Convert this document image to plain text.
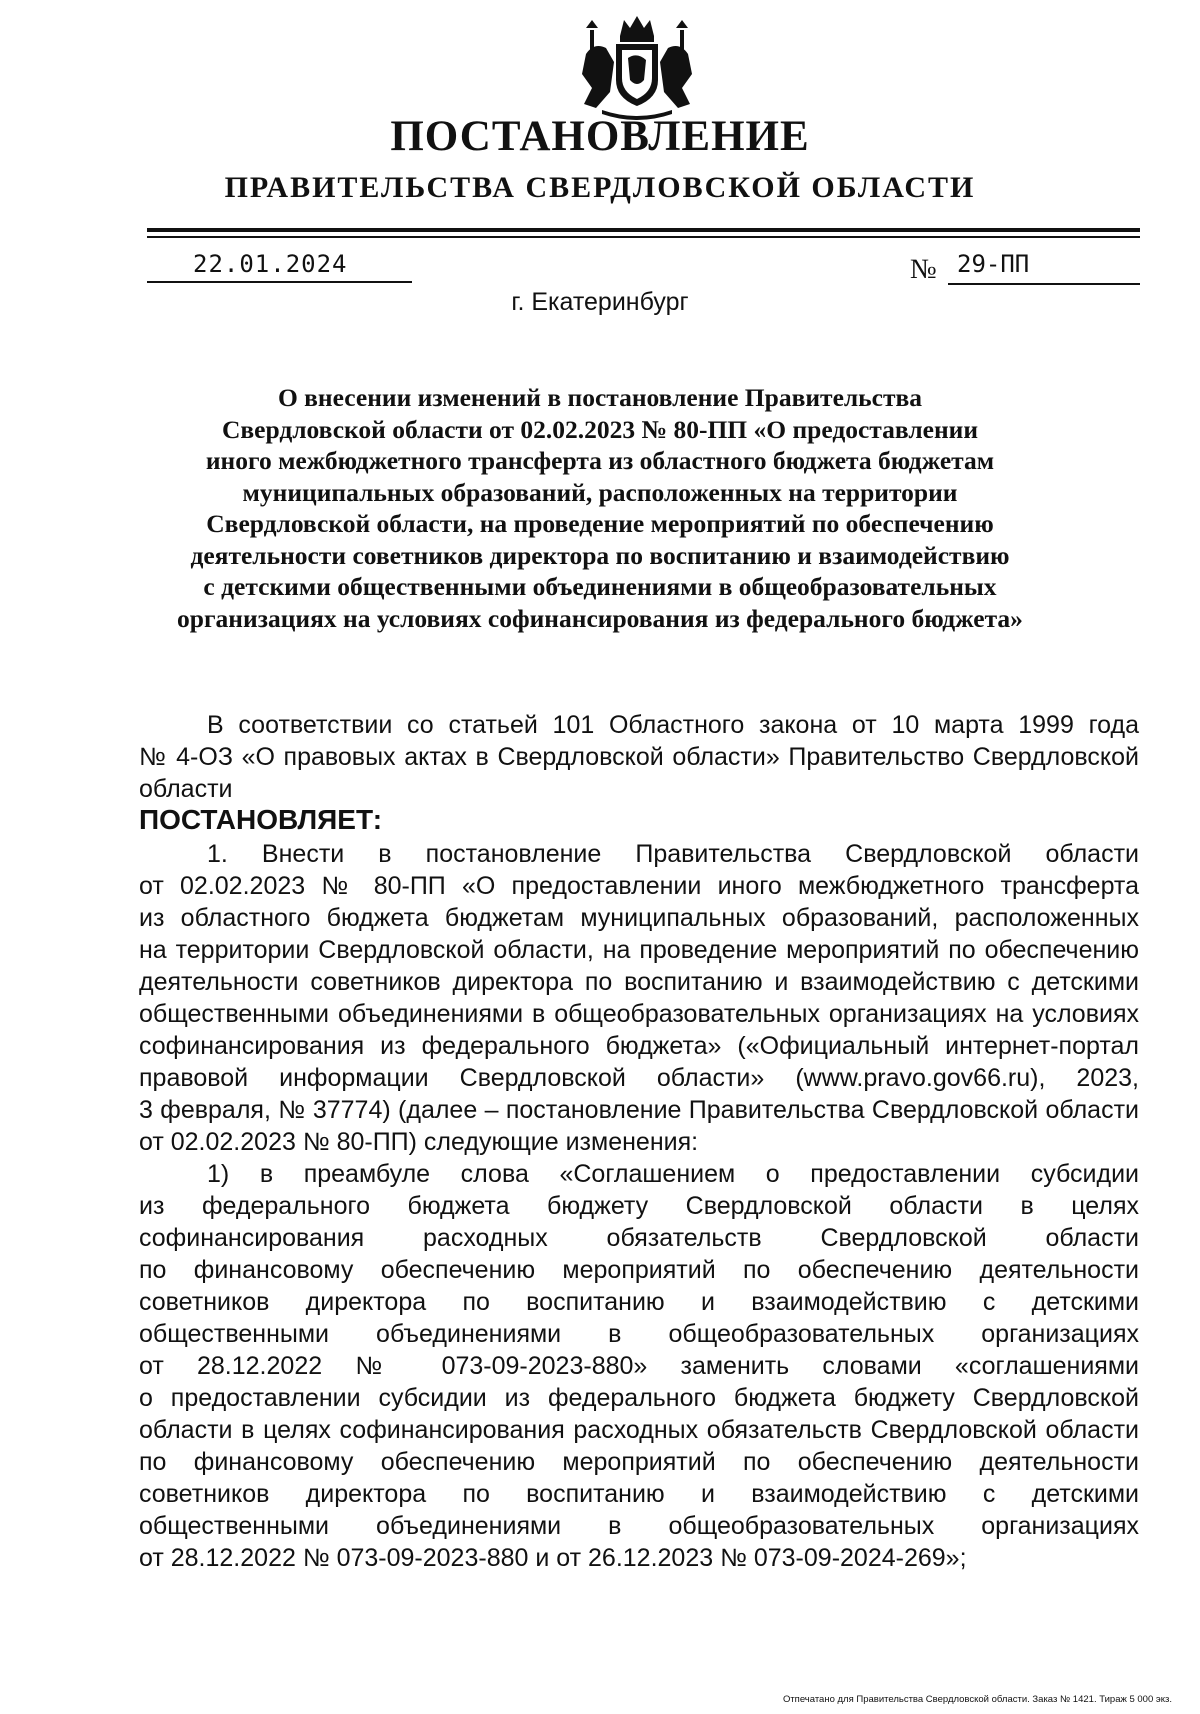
ПОСТАНОВЛЕНИЕ
ПРАВИТЕЛЬСТВА СВЕРДЛОВСКОЙ ОБЛАСТИ
22.01.2024	№ 29-ПП
г. Екатеринбург
О внесении изменений в постановление Правительства
Свердловской области от 02.02.2023 № 80-ПП «О предоставлении
иного межбюджетного трансферта из областного бюджета бюджетам
муниципальных образований, расположенных на территории
Свердловской области, на проведение мероприятий по обеспечению
деятельности советников директора по воспитанию и взаимодействию
с детскими общественными объединениями в общеобразовательных
организациях на условиях софинансирования из федерального бюджета»
В соответствии со статьей 101 Областного закона от 10 марта 1999 года
№ 4-ОЗ «О правовых актах в Свердловской области» Правительство Свердловской
области
ПОСТАНОВЛЯЕТ:
1. Внести в постановление Правительства Свердловской области
от 02.02.2023 № 80-ПП «О предоставлении иного межбюджетного трансферта
из областного бюджета бюджетам муниципальных образований, расположенных
на территории Свердловской области, на проведение мероприятий по обеспечению
деятельности советников директора по воспитанию и взаимодействию с детскими
общественными объединениями в общеобразовательных организациях на условиях
софинансирования из федерального бюджета» («Официальный интернет-портал
правовой информации Свердловской области» (www.pravo.gov66.ru), 2023,
3 февраля, № 37774) (далее – постановление Правительства Свердловской области
от 02.02.2023 № 80-ПП) следующие изменения:
1) в преамбуле слова «Соглашением о предоставлении субсидии
из федерального бюджета бюджету Свердловской области в целях
софинансирования расходных обязательств Свердловской области
по финансовому обеспечению мероприятий по обеспечению деятельности
советников директора по воспитанию и взаимодействию с детскими
общественными объединениями в общеобразовательных организациях
от 28.12.2022 № 073-09-2023-880» заменить словами «соглашениями
о предоставлении субсидии из федерального бюджета бюджету Свердловской
области в целях софинансирования расходных обязательств Свердловской области
по финансовому обеспечению мероприятий по обеспечению деятельности
советников директора по воспитанию и взаимодействию с детскими
общественными объединениями в общеобразовательных организациях
от 28.12.2022 № 073-09-2023-880 и от 26.12.2023 № 073-09-2024-269»;
Отпечатано для Правительства Свердловской области. Заказ № 1421. Тираж 5 000 экз.
